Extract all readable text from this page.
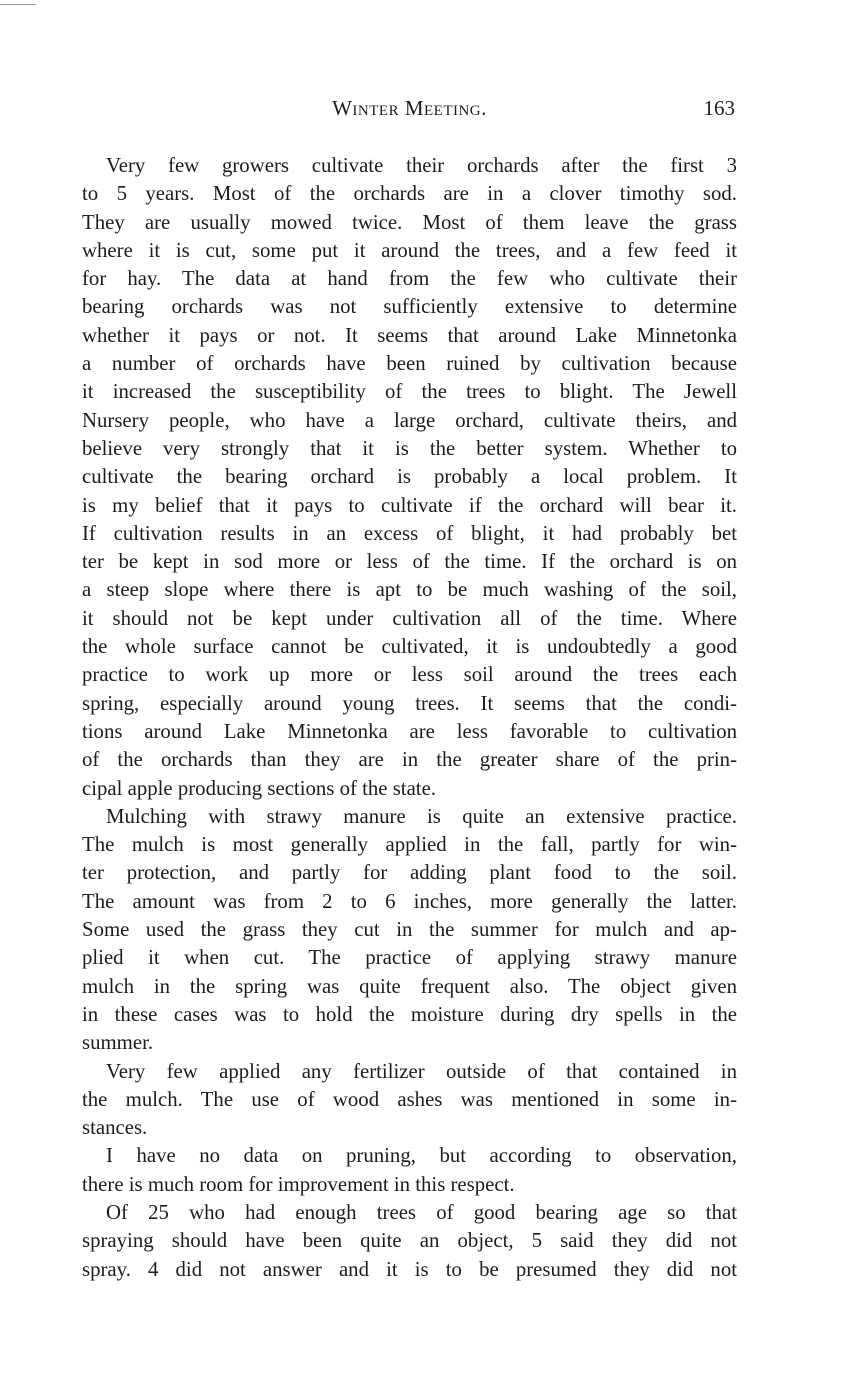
Winter Meeting.	163
Very few growers cultivate their orchards after the first 3
to 5 years. Most of the orchards are in a clover timothy sod.
They are usually mowed twice. Most of them leave the grass
where it is cut, some put it around the trees, and a few feed it
for hay. The data at hand from the few who cultivate their
bearing orchards was not sufficiently extensive to determine
whether it pays or not. It seems that around Lake Minnetonka
a number of orchards have been ruined by cultivation because
it increased the susceptibility of the trees to blight. The Jewell
Nursery people, who have a large orchard, cultivate theirs, and
believe very strongly that it is the better system. Whether to
cultivate the bearing orchard is probably a local problem. It
is my belief that it pays to cultivate if the orchard will bear it.
If cultivation results in an excess of blight, it had probably bet
ter be kept in sod more or less of the time. If the orchard is on
a steep slope where there is apt to be much washing of the soil,
it should not be kept under cultivation all of the time. Where
the whole surface cannot be cultivated, it is undoubtedly a good
practice to work up more or less soil around the trees each
spring, especially around young trees. It seems that the condi-
tions around Lake Minnetonka are less favorable to cultivation
of the orchards than they are in the greater share of the prin-
cipal apple producing sections of the state.
Mulching with strawy manure is quite an extensive practice.
The mulch is most generally applied in the fall, partly for win-
ter protection, and partly for adding plant food to the soil.
The amount was from 2 to 6 inches, more generally the latter.
Some used the grass they cut in the summer for mulch and ap-
plied it when cut. The practice of applying strawy manure
mulch in the spring was quite frequent also. The object given
in these cases was to hold the moisture during dry spells in the
summer.
Very few applied any fertilizer outside of that contained in
the mulch. The use of wood ashes was mentioned in some in-
stances.
I have no data on pruning, but according to observation,
there is much room for improvement in this respect.
Of 25 who had enough trees of good bearing age so that
spraying should have been quite an object, 5 said they did not
spray. 4 did not answer and it is to be presumed they did not
